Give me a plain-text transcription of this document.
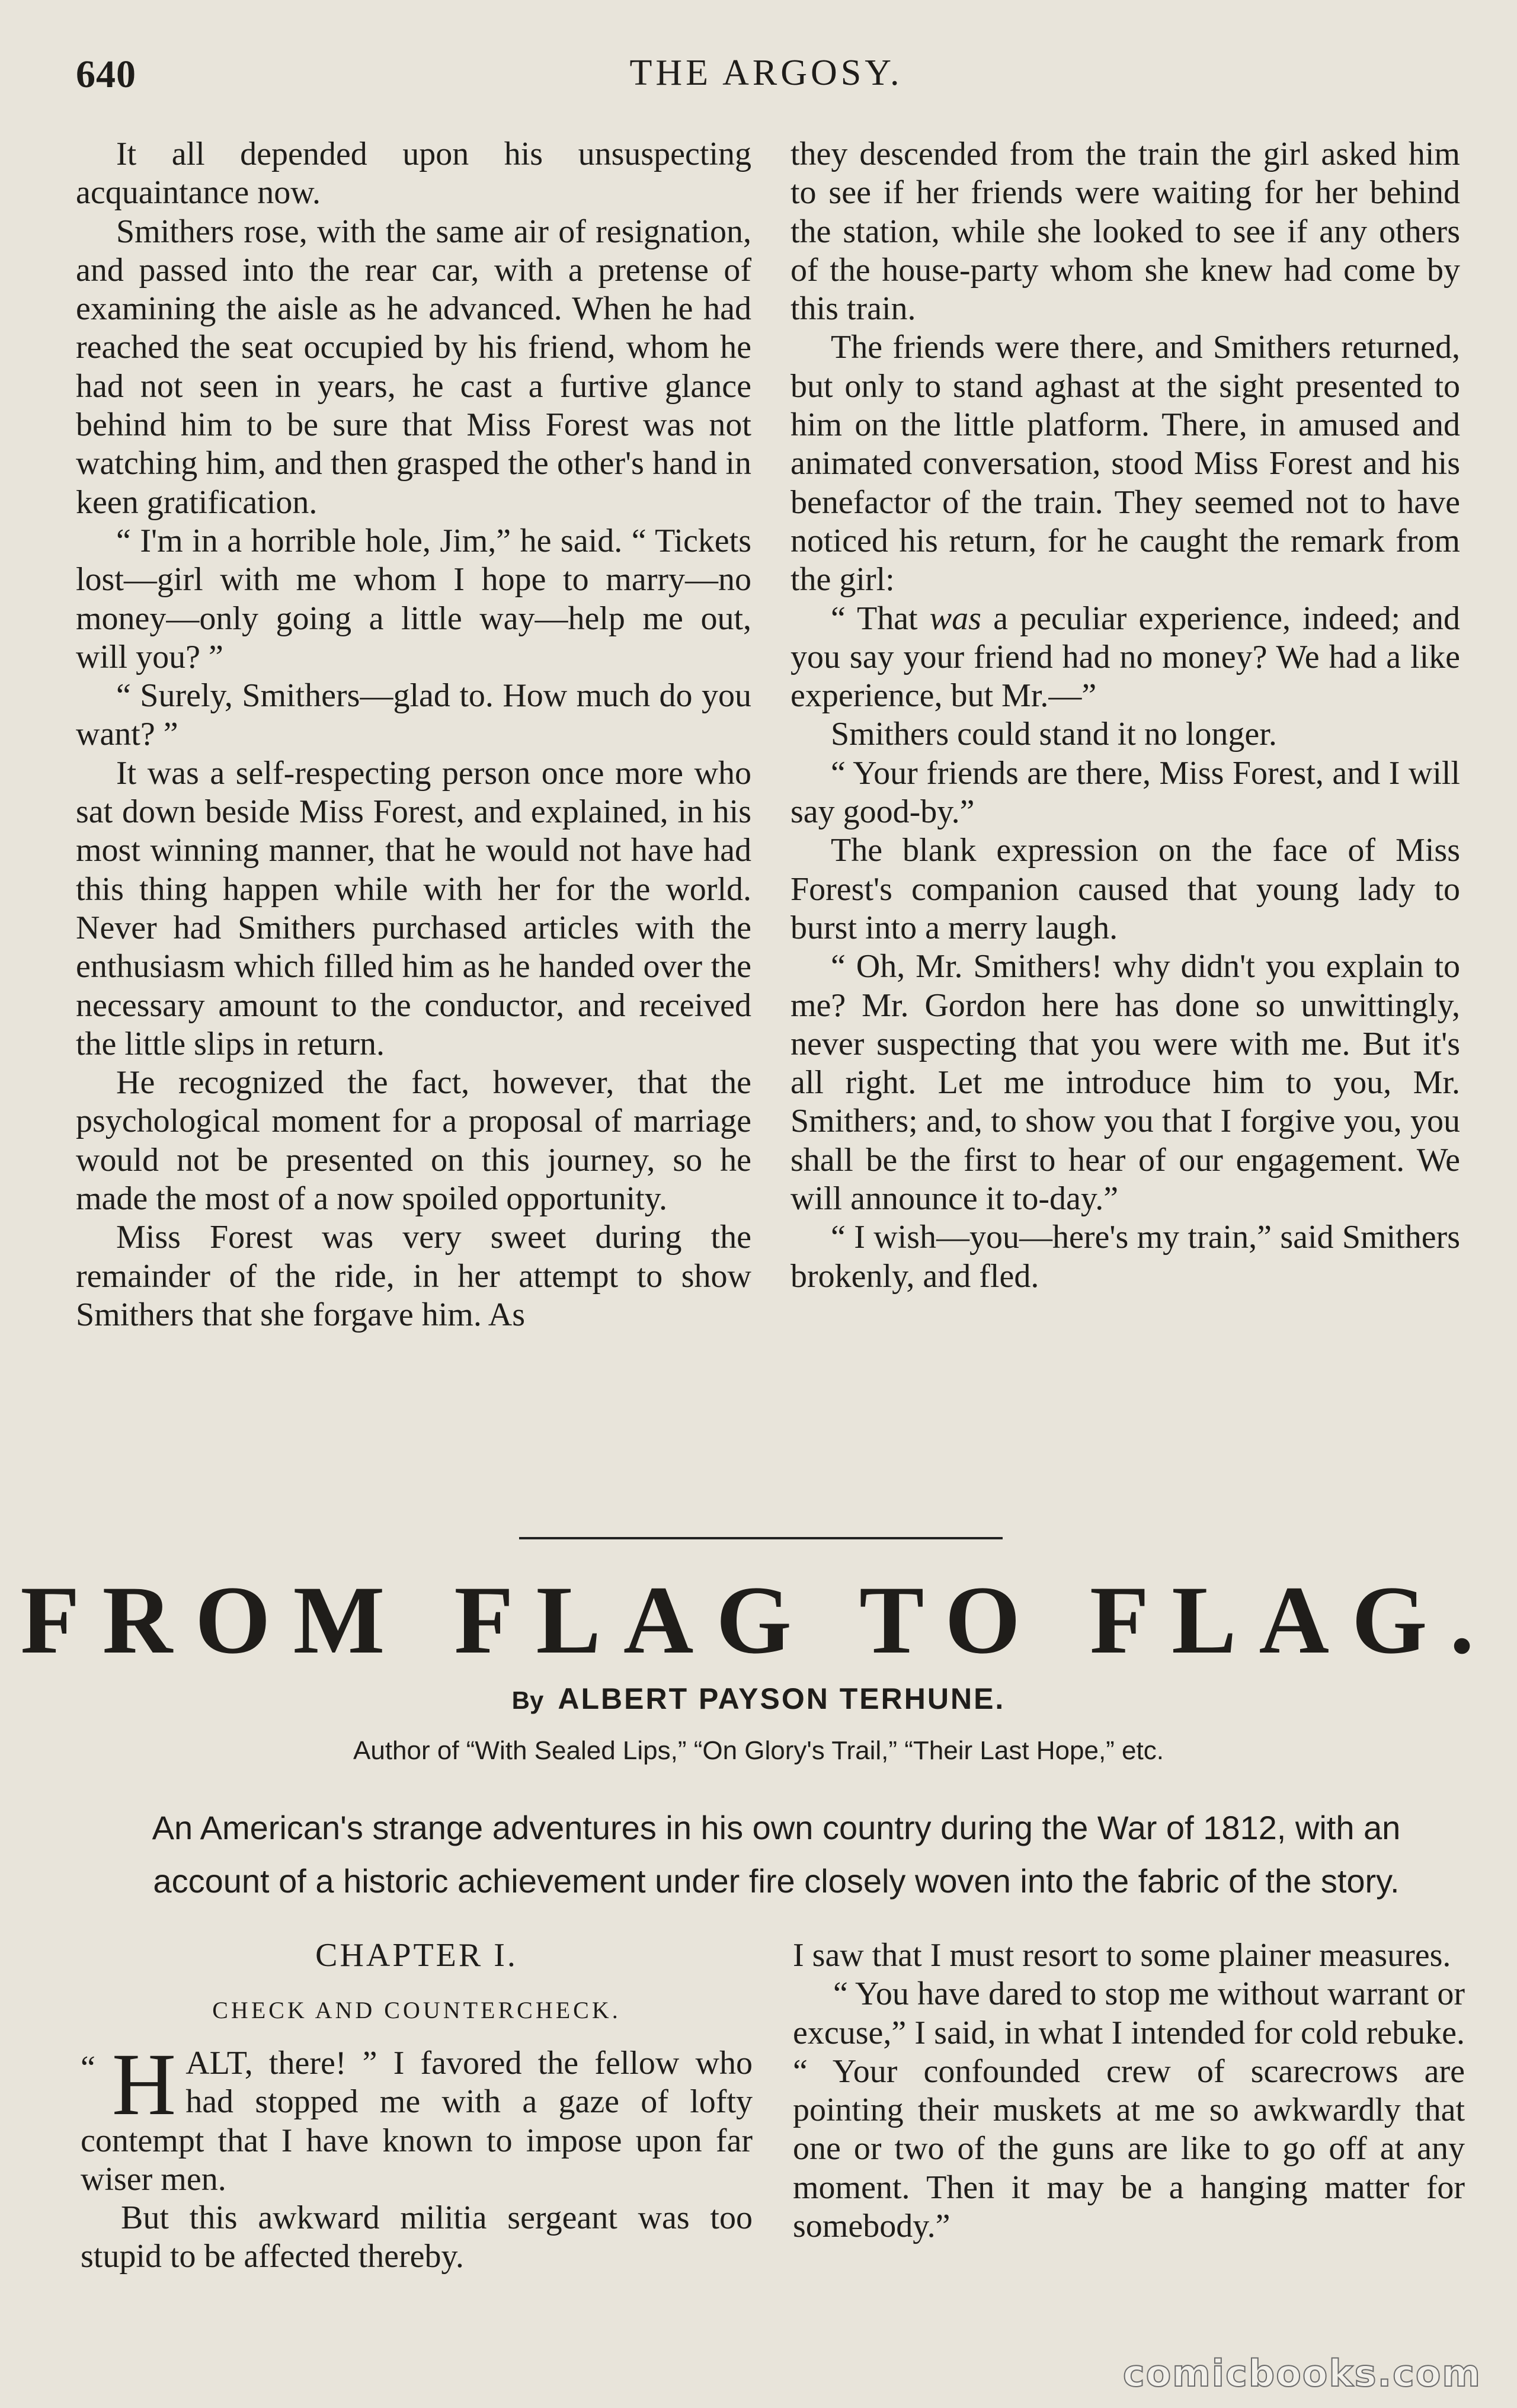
640	THE ARGOSY.

It all depended upon his unsuspecting acquaintance now.

Smithers rose, with the same air of resignation, and passed into the rear car, with a pretense of examining the aisle as he advanced. When he had reached the seat occupied by his friend, whom he had not seen in years, he cast a furtive glance behind him to be sure that Miss Forest was not watching him, and then grasped the other's hand in keen gratification.

“ I'm in a horrible hole, Jim,” he said. “ Tickets lost—girl with me whom I hope to marry—no money—only going a little way—help me out, will you? ”

“ Surely, Smithers—glad to. How much do you want? ”

It was a self-respecting person once more who sat down beside Miss Forest, and explained, in his most winning manner, that he would not have had this thing happen while with her for the world. Never had Smithers purchased articles with the enthusiasm which filled him as he handed over the necessary amount to the conductor, and received the little slips in return.

He recognized the fact, however, that the psychological moment for a proposal of marriage would not be presented on this journey, so he made the most of a now spoiled opportunity.

Miss Forest was very sweet during the remainder of the ride, in her attempt to show Smithers that she forgave him. As

they descended from the train the girl asked him to see if her friends were waiting for her behind the station, while she looked to see if any others of the house-party whom she knew had come by this train.

The friends were there, and Smithers returned, but only to stand aghast at the sight presented to him on the little platform. There, in amused and animated conversation, stood Miss Forest and his benefactor of the train. They seemed not to have noticed his return, for he caught the remark from the girl:

“ That was a peculiar experience, indeed; and you say your friend had no money? We had a like experience, but Mr.—”

Smithers could stand it no longer.

“ Your friends are there, Miss Forest, and I will say good-by.”

The blank expression on the face of Miss Forest's companion caused that young lady to burst into a merry laugh.

“ Oh, Mr. Smithers! why didn't you explain to me? Mr. Gordon here has done so unwittingly, never suspecting that you were with me. But it's all right. Let me introduce him to you, Mr. Smithers; and, to show you that I forgive you, you shall be the first to hear of our engagement. We will announce it to-day.”

“ I wish—you—here's my train,” said Smithers brokenly, and fled.

FROM FLAG TO FLAG.
By ALBERT PAYSON TERHUNE.
Author of “With Sealed Lips,” “On Glory's Trail,” “Their Last Hope,” etc.
An American's strange adventures in his own country during the War of 1812, with an account of a historic achievement under fire closely woven into the fabric of the story.
CHAPTER I.
CHECK AND COUNTERCHECK.

“ H ALT, there! ” I favored the fellow who had stopped me with a gaze of lofty contempt that I have known to impose upon far wiser men.

But this awkward militia sergeant was too stupid to be affected thereby.

I saw that I must resort to some plainer measures.

“ You have dared to stop me without warrant or excuse,” I said, in what I intended for cold rebuke. “ Your confounded crew of scarecrows are pointing their muskets at me so awkwardly that one or two of the guns are like to go off at any moment. Then it may be a hanging matter for somebody.”

comicbooks.com
